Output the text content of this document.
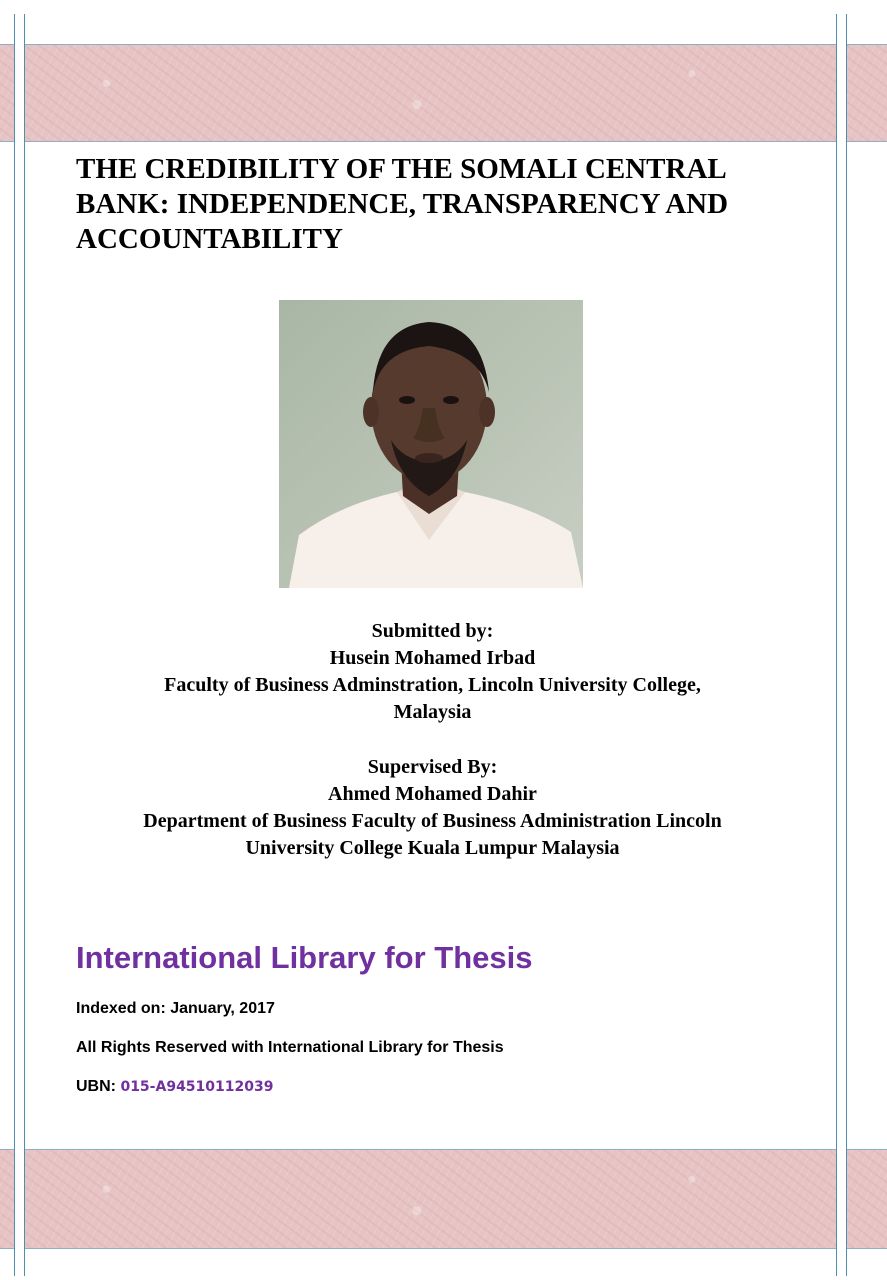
THE CREDIBILITY OF THE SOMALI CENTRAL BANK: INDEPENDENCE, TRANSPARENCY AND ACCOUNTABILITY
Submitted by:
Husein Mohamed Irbad
Faculty of Business Adminstration, Lincoln University College,
Malaysia
Supervised By:
Ahmed Mohamed Dahir
Department of Business Faculty of Business Administration Lincoln
University College Kuala Lumpur Malaysia
International Library for Thesis
Indexed on: January, 2017
All Rights Reserved with International Library for Thesis
UBN: 015-A94510112039
